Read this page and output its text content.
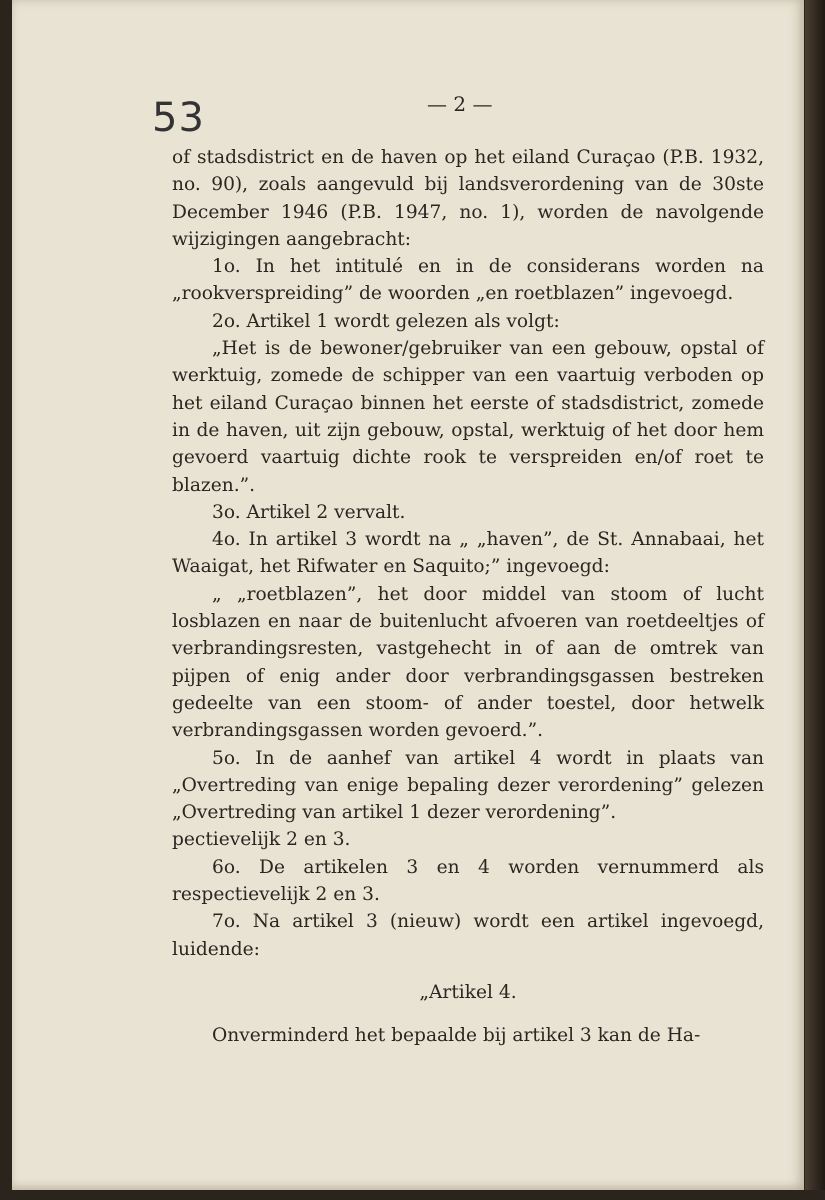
53	— 2 —

of stadsdistrict en de haven op het eiland Curaçao (P.B. 1932, no. 90), zoals aangevuld bij landsverordening van de 30ste December 1946 (P.B. 1947, no. 1), worden de navolgende wijzigingen aangebracht:

1o. In het intitulé en in de considerans worden na „rookverspreiding” de woorden „en roetblazen” ingevoegd.

2o. Artikel 1 wordt gelezen als volgt:

„Het is de bewoner/gebruiker van een gebouw, opstal of werktuig, zomede de schipper van een vaartuig verboden op het eiland Curaçao binnen het eerste of stadsdistrict, zomede in de haven, uit zijn gebouw, opstal, werktuig of het door hem gevoerd vaartuig dichte rook te verspreiden en/of roet te blazen.”.

3o. Artikel 2 vervalt.

4o. In artikel 3 wordt na „ „haven”, de St. Annabaai, het Waaigat, het Rifwater en Saquito;” ingevoegd:

„ „roetblazen”, het door middel van stoom of lucht losblazen en naar de buitenlucht afvoeren van roetdeeltjes of verbrandingsresten, vastgehecht in of aan de omtrek van pijpen of enig ander door verbrandingsgassen bestreken gedeelte van een stoom- of ander toestel, door hetwelk verbrandingsgassen worden gevoerd.”.

5o. In de aanhef van artikel 4 wordt in plaats van „Overtreding van enige bepaling dezer verordening” gelezen „Overtreding van artikel 1 dezer verordening”.

pectievelijk 2 en 3.

6o. De artikelen 3 en 4 worden vernummerd als respectievelijk 2 en 3.

7o. Na artikel 3 (nieuw) wordt een artikel ingevoegd, luidende:

„Artikel 4.

Onverminderd het bepaalde bij artikel 3 kan de Ha-
